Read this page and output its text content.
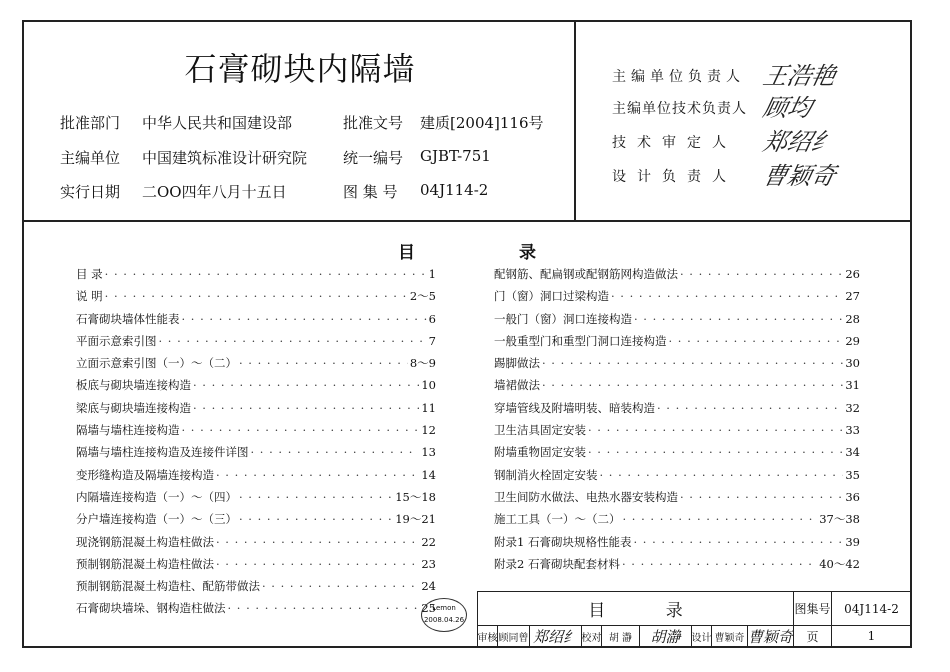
石膏砌块内隔墙
批准部门 中华人民共和国建设部	批准文号 建质[2004]116号
主编单位 中国建筑标准设计研究院 统一编号 GJBT-751
实行日期 二OO四年八月十五日	图 集 号 04J114-2
主编单位负责人 王浩艳
主编单位技术负责人 顾均
技术审定人 郑绍纟
设计负责人 曹颖奇
目	录
目 录 · · ·	1
说 明 · · ·	2～5
石膏砌块墙体性能表 · · ·	6
平面示意索引图 · · ·	7
立面示意索引图（一）～（二） · · ·	8～9
板底与砌块墙连接构造 · · ·	10
梁底与砌块墙连接构造 · · ·	11
隔墙与墙柱连接构造 · · ·	12
隔墙与墙柱连接构造及连接件详图 · · ·	13
变形缝构造及隔墙连接构造 · · ·	14
内隔墙连接构造（一）～（四） · · ·	15～18
分户墙连接构造（一）～（三） · · ·	19～21
现浇钢筋混凝土构造柱做法 · · ·	22
预制钢筋混凝土构造柱做法 · · ·	23
预制钢筋混凝土构造柱、配筋带做法 · · ·	24
石膏砌块墙垛、钢构造柱做法 · · ·	25
配钢筋、配扁钢或配钢筋网构造做法 · · ·	26
门（窗）洞口过梁构造 · · ·	27
一般门（窗）洞口连接构造 · · ·	28
一般重型门和重型门洞口连接构造 · · ·	29
踢脚做法 · · ·	30
墙裙做法 · · ·	31
穿墙管线及附墙明装、暗装构造 · · ·	32
卫生洁具固定安装 · · ·	33
附墙重物固定安装 · · ·	34
钢制消火栓固定安装 · · ·	35
卫生间防水做法、电热水器安装构造 · · ·	36
施工工具（一）～（二） · · ·	37～38
附录1 石膏砌块规格性能表 · · ·	39
附录2 石膏砌块配套材料 · · ·	40～42
Lemon
2008.04.26	目	录	图集号	04J114-2
审核 顾同曾 郑绍纟 校对 胡 瀞	胡瀞	设计 曹颖奇 曹颖奇	页	1
